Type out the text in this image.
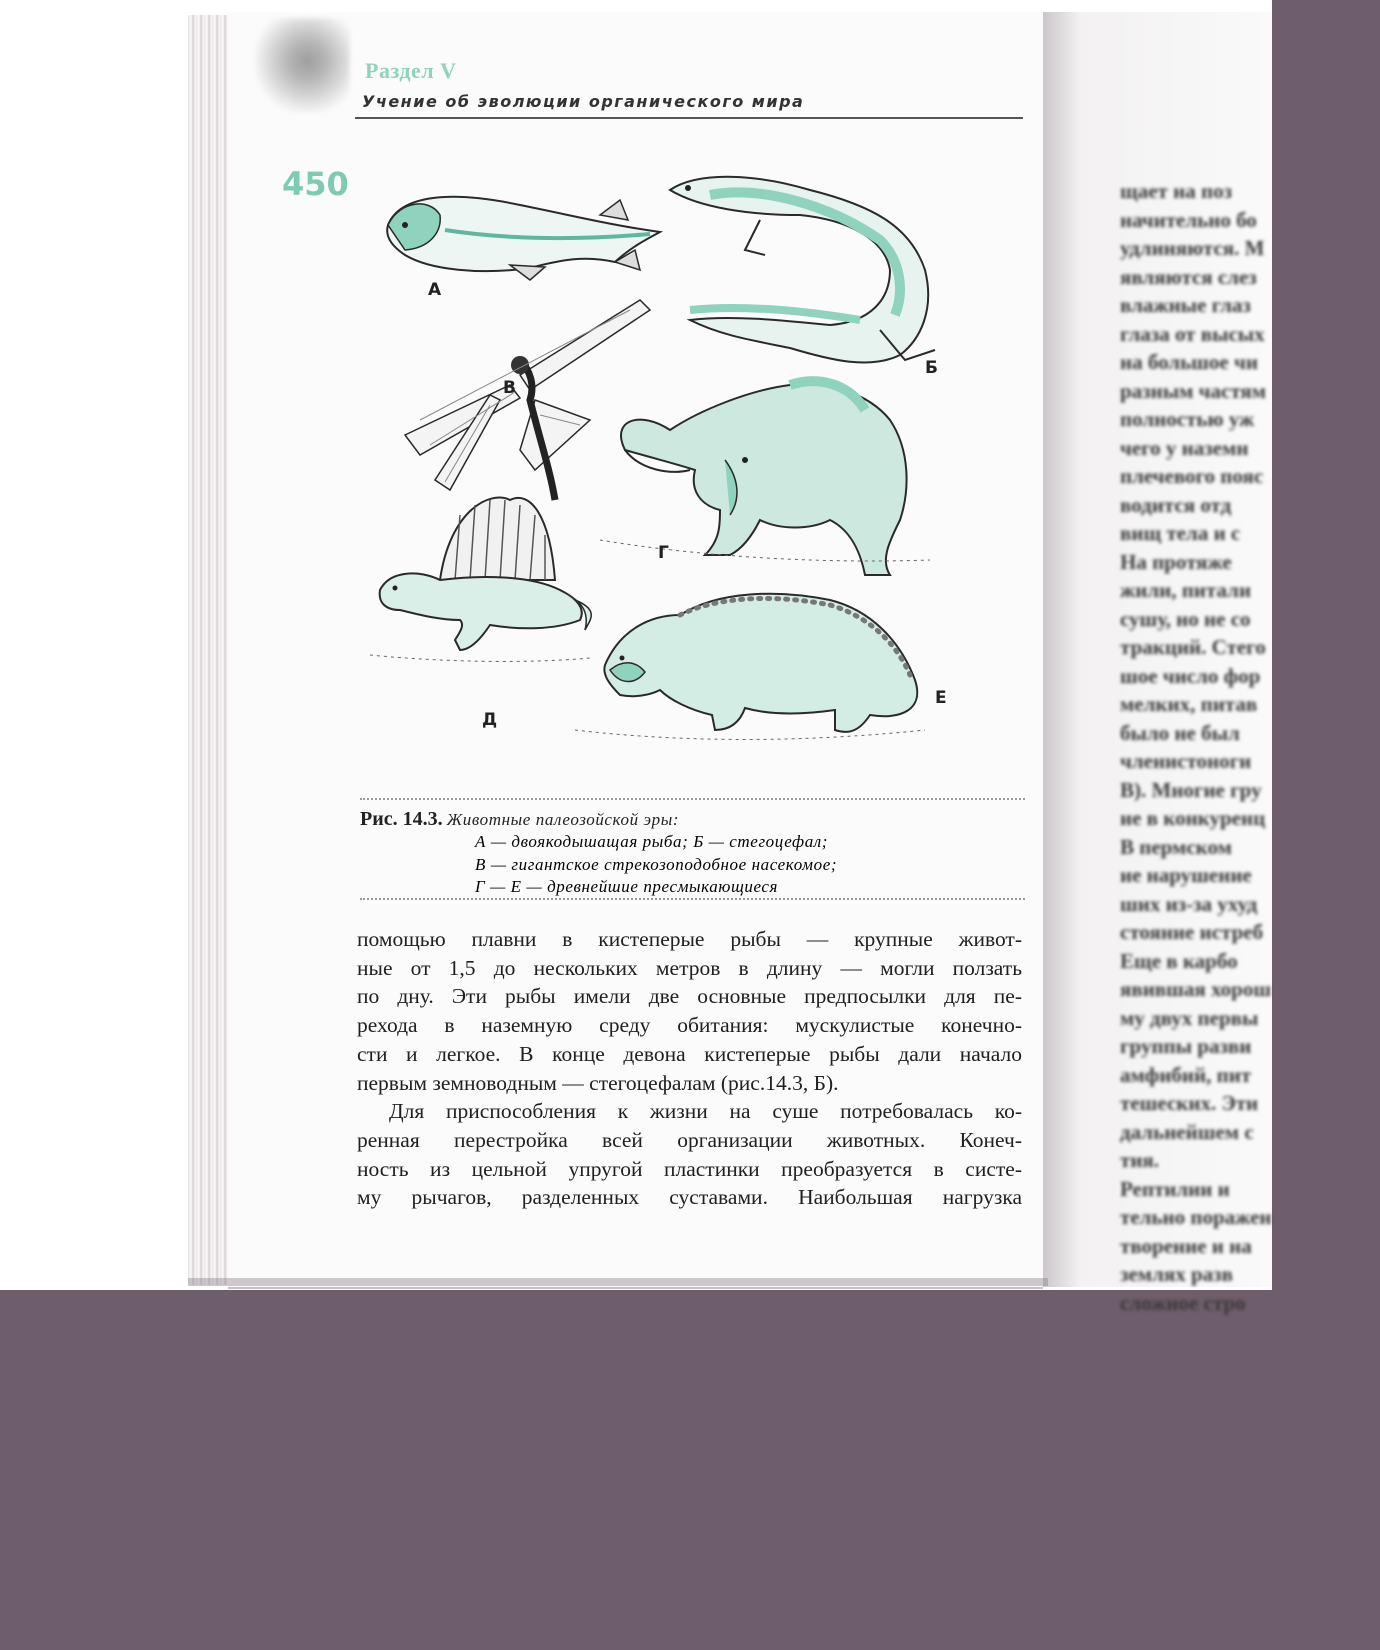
щает на поз
начительно бо
удлиняются. М
являются слез
влажные глаз
глаза от высых
на большое чи
разным частям
полностью уж
чего у наземн
плечевого пояс
водится отд
вищ тела и с
На протяже
жили, питали
сушу, но не со
тракций. Стего
шое число фор
мелких, питав
было не был
членистоноги
В). Многие гру
ие в конкуренц
В пермском
ие нарушение
ших из-за ухуд
стояние истреб
Еще в карбо
явившая хорош
му двух первы
группы разви
амфибий, пит
тешеских. Эти
дальнейшем с
тия.
Рептилии и
тельно поражен
творение и на
землях разв
сложное стро
Раздел V
Учение об эволюции органического мира
450
А
Б
В
Г
Д
Е
Рис. 14.3. Животные палеозойской эры:
А — двоякодышащая рыба; Б — стегоцефал;
В — гигантское стрекозоподобное насекомое;
Г — Е — древнейшие пресмыкающиеся
помощью плавни в кистеперые рыбы — крупные живот-
ные от 1,5 до нескольких метров в длину — могли ползать
по дну. Эти рыбы имели две основные предпосылки для пе-
рехода в наземную среду обитания: мускулистые конечно-
сти и легкое. В конце девона кистеперые рыбы дали начало
первым земноводным — стегоцефалам (рис.14.3, Б).
Для приспособления к жизни на суше потребовалась ко-
ренная перестройка всей организации животных. Конеч-
ность из цельной упругой пластинки преобразуется в систе-
му рычагов, разделенных суставами. Наибольшая нагрузка
